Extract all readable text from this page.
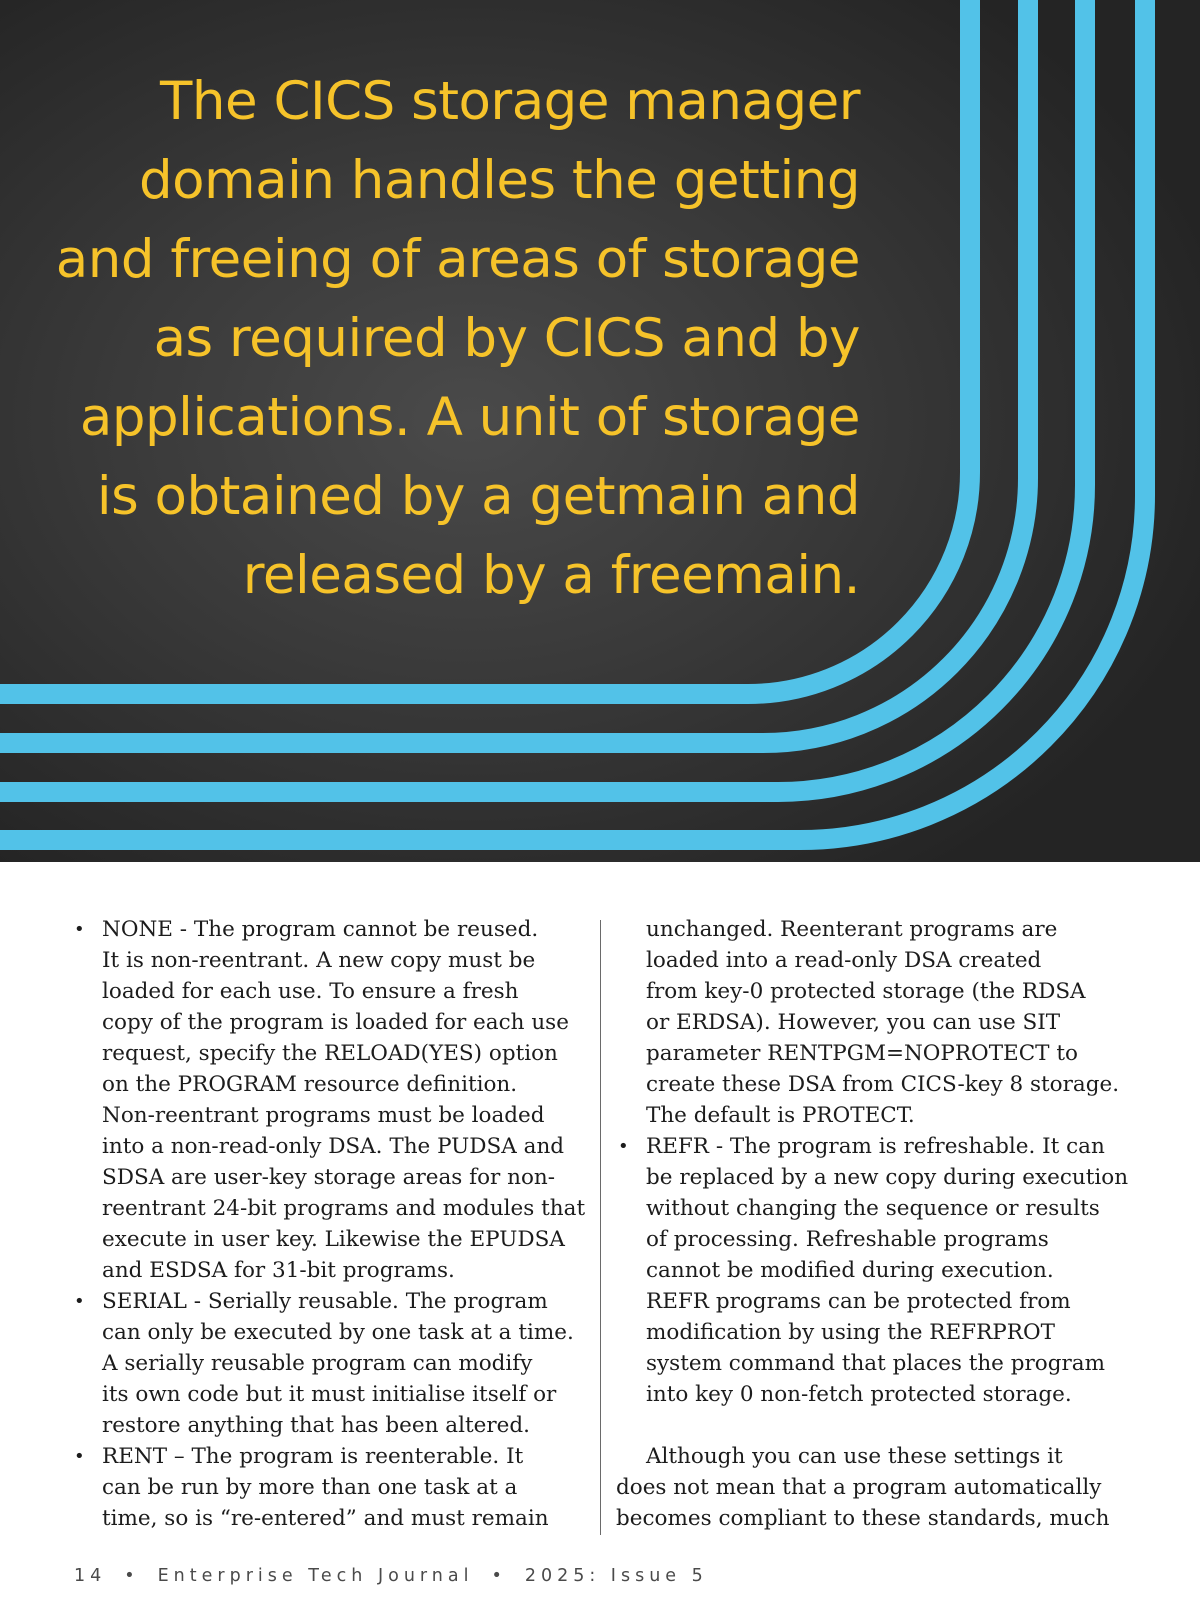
The CICS storage manager
domain handles the getting
and freeing of areas of storage
as required by CICS and by
applications. A unit of storage
is obtained by a getmain and
released by a freemain.
• NONE - The program cannot be reused.
It is non-reentrant. A new copy must be
loaded for each use. To ensure a fresh
copy of the program is loaded for each use
request, specify the RELOAD(YES) option
on the PROGRAM resource definition.
Non-reentrant programs must be loaded
into a non-read-only DSA. The PUDSA and
SDSA are user-key storage areas for non-
reentrant 24-bit programs and modules that
execute in user key. Likewise the EPUDSA
and ESDSA for 31-bit programs.
• SERIAL - Serially reusable. The program
can only be executed by one task at a time.
A serially reusable program can modify
its own code but it must initialise itself or
restore anything that has been altered.
• RENT – The program is reenterable. It
can be run by more than one task at a
time, so is “re-entered” and must remain
unchanged. Reenterant programs are
loaded into a read-only DSA created
from key-0 protected storage (the RDSA
or ERDSA). However, you can use SIT
parameter RENTPGM=NOPROTECT to
create these DSA from CICS-key 8 storage.
The default is PROTECT.
• REFR - The program is refreshable. It can
be replaced by a new copy during execution
without changing the sequence or results
of processing. Refreshable programs
cannot be modified during execution.
REFR programs can be protected from
modification by using the REFRPROT
system command that places the program
into key 0 non-fetch protected storage.
Although you can use these settings it
does not mean that a program automatically
becomes compliant to these standards, much
14 • Enterprise Tech Journal • 2025: Issue 5
